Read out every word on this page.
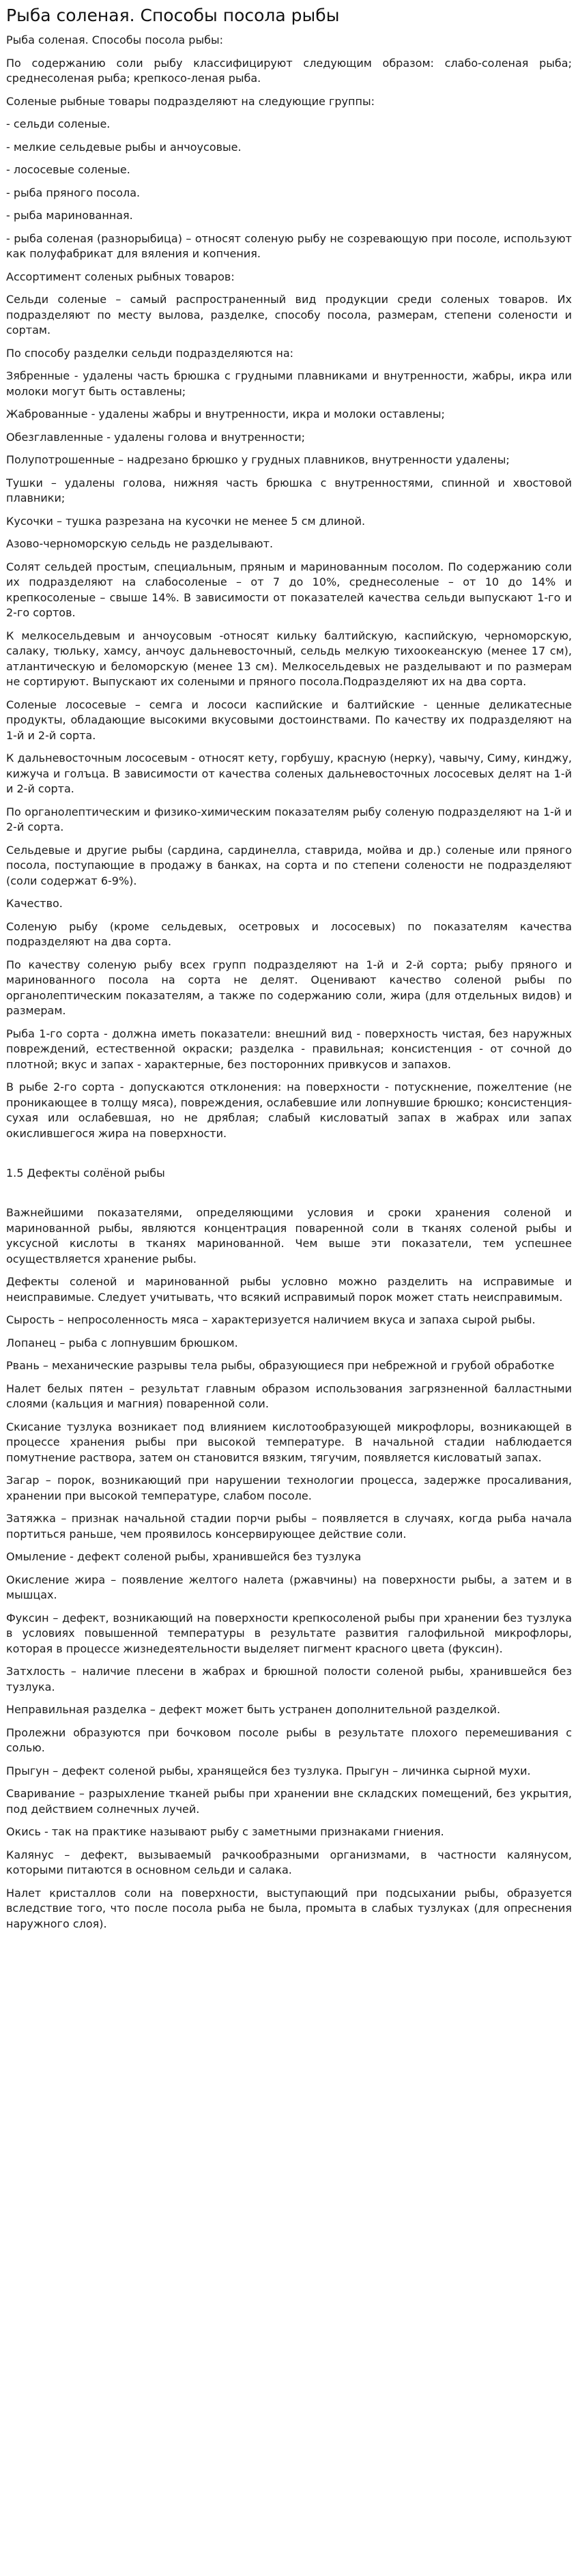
Рыба соленая. Способы посола рыбы

Рыба соленая. Способы посола рыбы:

По содержанию соли рыбу классифицируют следующим образом: слабо-соленая рыба; среднесоленая рыба; крепкосо-леная рыба.

Соленые рыбные товары подразделяют на следующие группы:

- сельди соленые.

- мелкие сельдевые рыбы и анчоусовые.

- лососевые соленые.

- рыба пряного посола.

- рыба маринованная.

- рыба соленая (разнорыбица) – относят соленую рыбу не созревающую при посоле, используют как полуфабрикат для вяления и копчения.

Ассортимент соленых рыбных товаров:

Сельди соленые – самый распространенный вид продукции среди соленых товаров. Их подразделяют по месту вылова, разделке, способу посола, размерам, степени солености и сортам.

По способу разделки сельди подразделяются на:

Зябренные - удалены часть брюшка с грудными плавниками и внутренности, жабры, икра или молоки могут быть оставлены;

Жаброванные - удалены жабры и внутренности, икра и молоки оставлены;

Обезглавленные - удалены голова и внутренности;

Полупотрошенные – надрезано брюшко у грудных плавников, внутренности удалены;

Тушки – удалены голова, нижняя часть брюшка с внутренностями, спинной и хвостовой плавники;

Кусочки – тушка разрезана на кусочки не менее 5 см длиной.

Азово-черноморскую сельдь не разделывают.

Солят сельдей простым, специальным, пряным и маринованным посолом. По содержанию соли их подразделяют на слабосоленые – от 7 до 10%, среднесоленые – от 10 до 14% и крепкосоленые – свыше 14%. В зависимости от показателей качества сельди выпускают 1-го и 2-го сортов.

К мелкосельдевым и анчоусовым -относят кильку балтийскую, каспийскую, черноморскую, салаку, тюльку, хамсу, анчоус дальневосточный, сельдь мелкую тихоокеанскую (менее 17 см), атлантическую и беломорскую (менее 13 см). Мелкосельдевых не разделывают и по размерам не сортируют. Выпускают их солеными и пряного посола.Подразделяют их на два сорта.

Соленые лососевые – семга и лососи каспийские и балтийские - ценные деликатесные продукты, обладающие высокими вкусовыми достоинствами. По качеству их подразделяют на 1-й и 2-й сорта.

К дальневосточным лососевым - относят кету, горбушу, красную (нерку), чавычу, Симу, кинджу, кижуча и голъца. В зависимости от качества соленых дальневосточных лососевых делят на 1-й и 2-й сорта.

По органолептическим и физико-химическим показателям рыбу соленую подразделяют на 1-й и 2-й сорта.

Сельдевые и другие рыбы (сардина, сардинелла, ставрида, мойва и др.) соленые или пряного посола, поступающие в продажу в банках, на сорта и по степени солености не подразделяют (соли содержат 6-9%).

Качество.

Соленую рыбу (кроме сельдевых, осетровых и лососевых) по показателям качества подразделяют на два сорта.

По качеству соленую рыбу всех групп подразделяют на 1-й и 2-й сорта; рыбу пряного и маринованного посола на сорта не делят. Оценивают качество соленой рыбы по органолептическим показателям, а также по содержанию соли, жира (для отдельных видов) и размерам.

Рыба 1-го сорта - должна иметь показатели: внешний вид - поверхность чистая, без наружных повреждений, естественной окраски; разделка - правильная; консистенция - от сочной до плотной; вкус и запах - характерные, без посторонних привкусов и запахов.

В рыбе 2-го сорта - допускаются отклонения: на поверхности - потускнение, пожелтение (не проникающее в толщу мяса), повреждения, ослабевшие или лопнувшие брюшко; консистенция- сухая или ослабевшая, но не дряблая; слабый кисловатый запах в жабрах или запах окислившегося жира на поверхности.

1.5 Дефекты солёной рыбы

Важнейшими показателями, определяющими условия и сроки хранения соленой и маринованной рыбы, являются концентрация поваренной соли в тканях соленой рыбы и уксусной кислоты в тканях маринованной. Чем выше эти показатели, тем успешнее осуществляется хранение рыбы.

Дефекты соленой и маринованной рыбы условно можно разделить на исправимые и неисправимые. Следует учитывать, что всякий исправимый порок может стать неисправимым.

Сырость – непросоленность мяса – характеризуется наличием вкуса и запаха сырой рыбы.

Лопанец – рыба с лопнувшим брюшком.

Рвань – механические разрывы тела рыбы, образующиеся при небрежной и грубой обработке

Налет белых пятен – результат главным образом использования загрязненной балластными слоями (кальция и магния) поваренной соли.

Скисание тузлука возникает под влиянием кислотообразующей микрофлоры, возникающей в процессе хранения рыбы при высокой температуре. В начальной стадии наблюдается помутнение раствора, затем он становится вязким, тягучим, появляется кисловатый запах.

Загар – порок, возникающий при нарушении технологии процесса, задержке просаливания, хранении при высокой температуре, слабом посоле.

Затяжка – признак начальной стадии порчи рыбы – появляется в случаях, когда рыба начала портиться раньше, чем проявилось консервирующее действие соли.

Омыление - дефект соленой рыбы, хранившейся без тузлука

Окисление жира – появление желтого налета (ржавчины) на поверхности рыбы, а затем и в мышцах.

Фуксин – дефект, возникающий на поверхности крепкосоленой рыбы при хранении без тузлука в условиях повышенной температуры в результате развития галофильной микрофлоры, которая в процессе жизнедеятельности выделяет пигмент красного цвета (фуксин).

Затхлость – наличие плесени в жабрах и брюшной полости соленой рыбы, хранившейся без тузлука.

Неправильная разделка – дефект может быть устранен дополнительной разделкой.

Пролежни образуются при бочковом посоле рыбы в результате плохого перемешивания с солью.

Прыгун – дефект соленой рыбы, хранящейся без тузлука. Прыгун – личинка сырной мухи.

Сваривание – разрыхление тканей рыбы при хранении вне складских помещений, без укрытия, под действием солнечных лучей.

Окись - так на практике называют рыбу с заметными признаками гниения.

Калянус – дефект, вызываемый рачкообразными организмами, в частности калянусом, которыми питаются в основном сельди и салака.

Налет кристаллов соли на поверхности, выступающий при подсыхании рыбы, образуется вследствие того, что после посола рыба не была, промыта в слабых тузлуках (для опреснения наружного слоя).
